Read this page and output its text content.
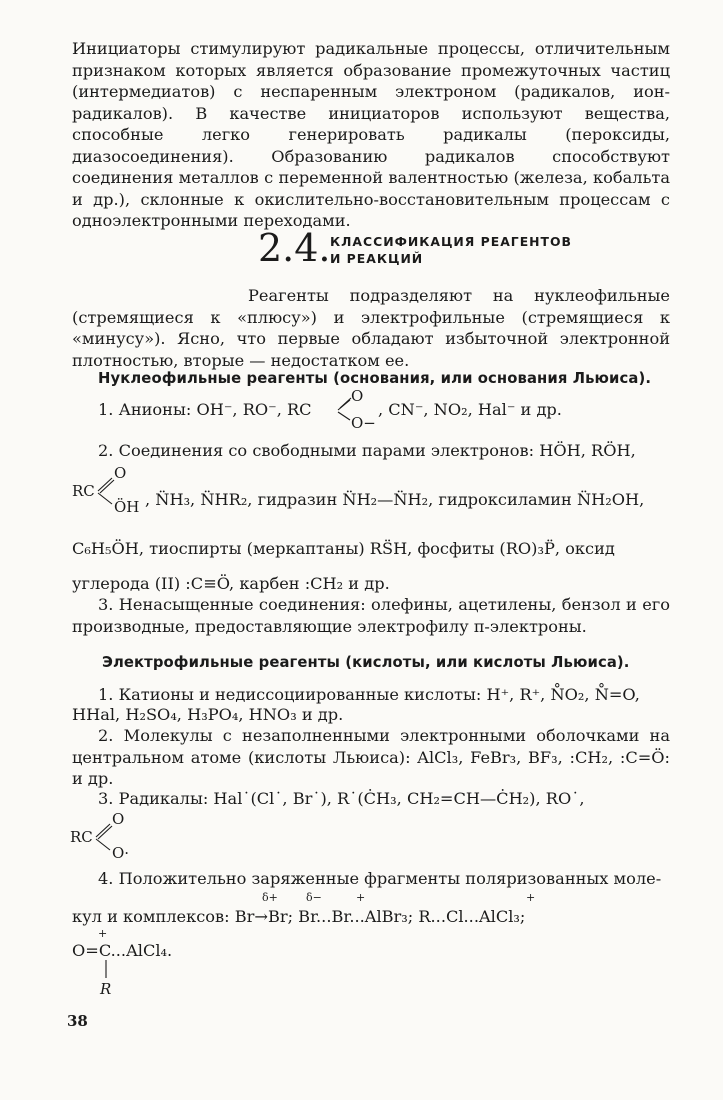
Инициаторы стимулируют радикальные процессы, отличительным признаком которых является образование промежуточных частиц (интермедиатов) с неспаренным электроном (радикалов, ион-радикалов). В качестве инициаторов используют вещества, способные легко генерировать радикалы (пероксиды, диазосоединения). Образованию радикалов способствуют соединения металлов с переменной валентностью (железа, кобальта и др.), склонные к окислительно-восстановительным процессам с одноэлектронными переходами.
2.4. КЛАССИФИКАЦИЯ РЕАГЕНТОВ
И РЕАКЦИЙ
Реагенты подразделяют на нуклеофильные (стремящиеся к «плюсу») и электрофильные (стремящиеся к «минусу»). Ясно, что первые обладают избыточной электронной плотностью, вторые — недостатком ее.
Нуклеофильные реагенты (основания, или основания Льюиса).
1. Анионы: OH⁻, RO⁻, RC
O
O−
, CN⁻, NO₂, Hal⁻ и др.
2. Соединения со свободными парами электронов: HÖH, RÖH,
RC
O
ÖH , N̈H₃, N̈HR₂, гидразин N̈H₂—N̈H₂, гидроксиламин N̈H₂OH,
C₆H₅ÖH, тиоспирты (меркаптаны) RS̈H, фосфиты (RO)₃P̈, оксид
углерода (II) :C≡Ö, карбен :CH₂ и др.
3. Ненасыщенные соединения: олефины, ацетилены, бензол и его производные, предоставляющие электрофилу π-электроны.
Электрофильные реагенты (кислоты, или кислоты Льюиса).
1. Катионы и недиссоциированные кислоты: H⁺, R⁺, N̊O₂, N̊=O,
HHal, H₂SO₄, H₃PO₄, HNO₃ и др.
2. Молекулы с незаполненными электронными оболочками на центральном атоме (кислоты Льюиса): AlCl₃, FeBr₃, BF₃, :CH₂, :C=Ö: и др.
3. Радикалы: Hal˙(Cl˙, Br˙), R˙(ĊH₃, CH₂=CH—ĊH₂), RO˙,
RC
O
O·
4. Положительно заряженные фрагменты поляризованных моле-
δ+	δ−	+	+
кул и комплексов: Br→Br; Br...Br...AlBr₃; R...Cl...AlCl₃;
+
O=C...AlCl₄.
R
38
